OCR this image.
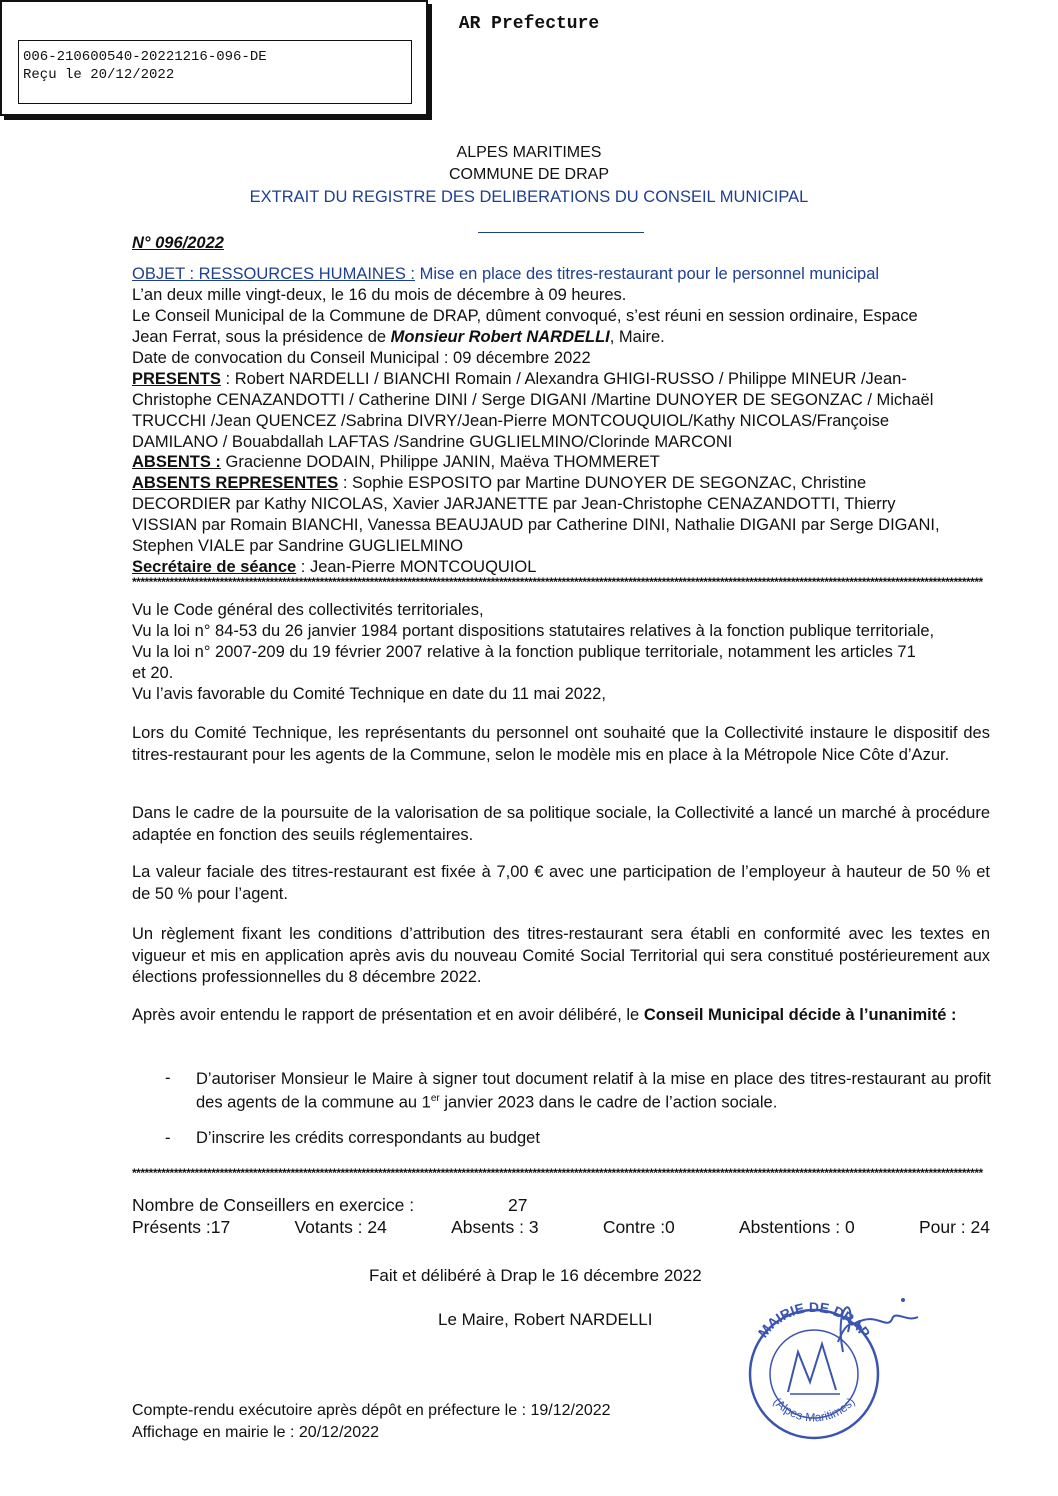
AR Prefecture
006-210600540-20221216-096-DE
Reçu le 20/12/2022
ALPES MARITIMES
COMMUNE DE DRAP
EXTRAIT DU REGISTRE DES DELIBERATIONS DU CONSEIL MUNICIPAL
N° 096/2022
OBJET : RESSOURCES HUMAINES : Mise en place des titres-restaurant pour le personnel municipal
L’an deux mille vingt-deux, le 16 du mois de décembre à 09 heures.
Le Conseil Municipal de la Commune de DRAP, dûment convoqué, s’est réuni en session ordinaire, Espace
Jean Ferrat, sous la présidence de Monsieur Robert NARDELLI, Maire.
Date de convocation du Conseil Municipal : 09 décembre 2022
PRESENTS : Robert NARDELLI / BIANCHI Romain / Alexandra GHIGI-RUSSO / Philippe MINEUR /Jean-
Christophe CENAZANDOTTI / Catherine DINI / Serge DIGANI /Martine DUNOYER DE SEGONZAC / Michaël
TRUCCHI /Jean QUENCEZ /Sabrina DIVRY/Jean-Pierre MONTCOUQUIOL/Kathy NICOLAS/Françoise
DAMILANO / Bouabdallah LAFTAS /Sandrine GUGLIELMINO/Clorinde MARCONI
ABSENTS : Gracienne DODAIN, Philippe JANIN, Maëva THOMMERET
ABSENTS REPRESENTES : Sophie ESPOSITO par Martine DUNOYER DE SEGONZAC, Christine
DECORDIER par Kathy NICOLAS, Xavier JARJANETTE par Jean-Christophe CENAZANDOTTI, Thierry
VISSIAN par Romain BIANCHI, Vanessa BEAUJAUD par Catherine DINI, Nathalie DIGANI par Serge DIGANI,
Stephen VIALE par Sandrine GUGLIELMINO
Secrétaire de séance : Jean-Pierre MONTCOUQUIOL
************************************************************************************************************************************************************************************************************
Vu le Code général des collectivités territoriales,
Vu la loi n° 84-53 du 26 janvier 1984 portant dispositions statutaires relatives à la fonction publique territoriale,
Vu la loi n° 2007-209 du 19 février 2007 relative à la fonction publique territoriale, notamment les articles 71
et 20.
Vu l’avis favorable du Comité Technique en date du 11 mai 2022,
Lors du Comité Technique, les représentants du personnel ont souhaité que la Collectivité instaure le dispositif des titres-restaurant pour les agents de la Commune, selon le modèle mis en place à la Métropole Nice Côte d’Azur.
Dans le cadre de la poursuite de la valorisation de sa politique sociale, la Collectivité a lancé un marché à procédure adaptée en fonction des seuils réglementaires.
La valeur faciale des titres-restaurant est fixée à 7,00 € avec une participation de l’employeur à hauteur de 50 % et de 50 % pour l’agent.
Un règlement fixant les conditions d’attribution des titres-restaurant sera établi en conformité avec les textes en vigueur et mis en application après avis du nouveau Comité Social Territorial qui sera constitué postérieurement aux élections professionnelles du 8 décembre 2022.
Après avoir entendu le rapport de présentation et en avoir délibéré, le Conseil Municipal décide à l’unanimité :
- D’autoriser Monsieur le Maire à signer tout document relatif à la mise en place des titres-restaurant au profit des agents de la commune au 1er janvier 2023 dans le cadre de l’action sociale.
- D’inscrire les crédits correspondants au budget
************************************************************************************************************************************************************************************************************
Nombre de Conseillers en exercice :	27
Présents :17	Votants : 24	Absents : 3	Contre :0	Abstentions : 0	Pour : 24
Fait et délibéré à Drap le 16 décembre 2022
Le Maire, Robert NARDELLI
MAIRIE DE DRAP
(Alpes-Maritimes)
Compte-rendu exécutoire après dépôt en préfecture le : 19/12/2022
Affichage en mairie le : 20/12/2022
